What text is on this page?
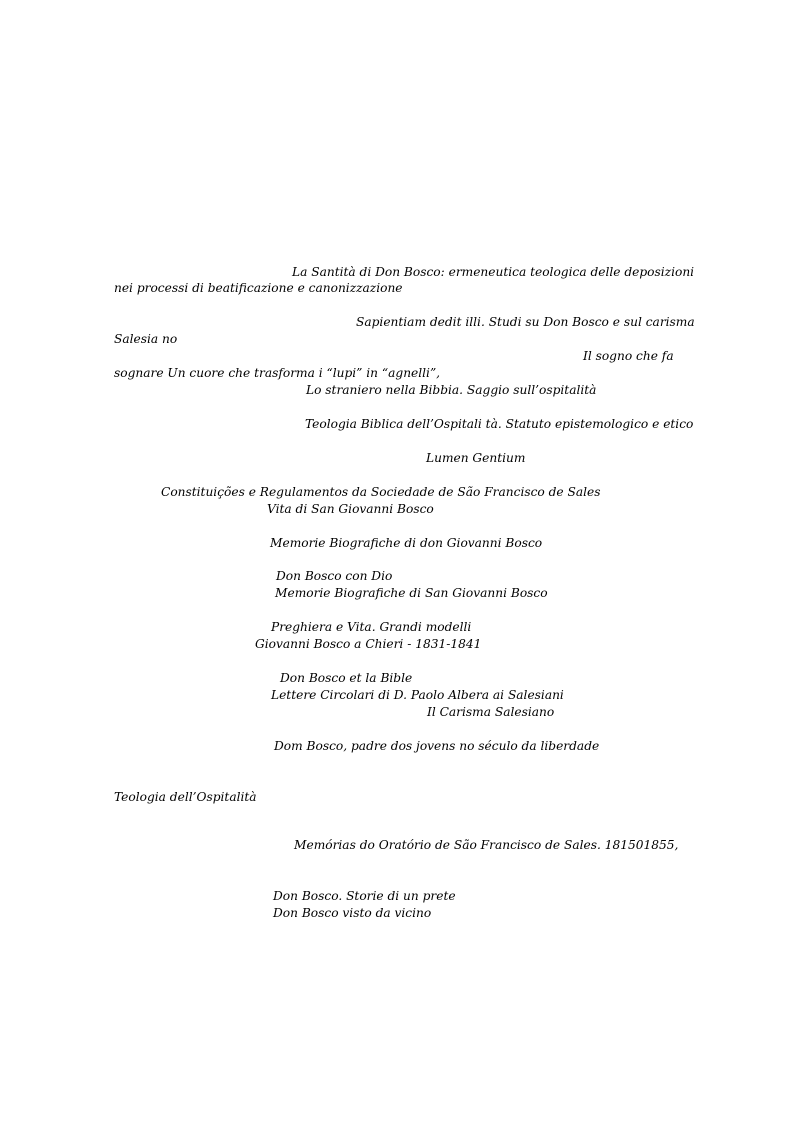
La Santità di Don Bosco: ermeneutica teologica delle deposizioni
nei processi di beatificazione e canonizzazione
Sapientiam dedit illi. Studi su Don Bosco e sul carisma
Salesia no
Il sogno che fa
sognare Un cuore che trasforma i “lupi” in “agnelli”,
Lo straniero nella Bibbia. Saggio sull’ospitalità
Teologia Biblica dell’Ospitali tà. Statuto epistemologico e etico
Lumen Gentium
Constituições e Regulamentos da Sociedade de São Francisco de Sales
Vita di San Giovanni Bosco
Memorie Biografiche di don Giovanni Bosco
Don Bosco con Dio
Memorie Biografiche di San Giovanni Bosco
Preghiera e Vita. Grandi modelli
Giovanni Bosco a Chieri - 1831-1841
Don Bosco et la Bible
Lettere Circolari di D. Paolo Albera ai Salesiani
Il Carisma Salesiano
Dom Bosco, padre dos jovens no século da liberdade
Teologia dell’Ospitalità
Memórias do Oratório de São Francisco de Sales. 181501855,
Don Bosco. Storie di un prete
Don Bosco visto da vicino
